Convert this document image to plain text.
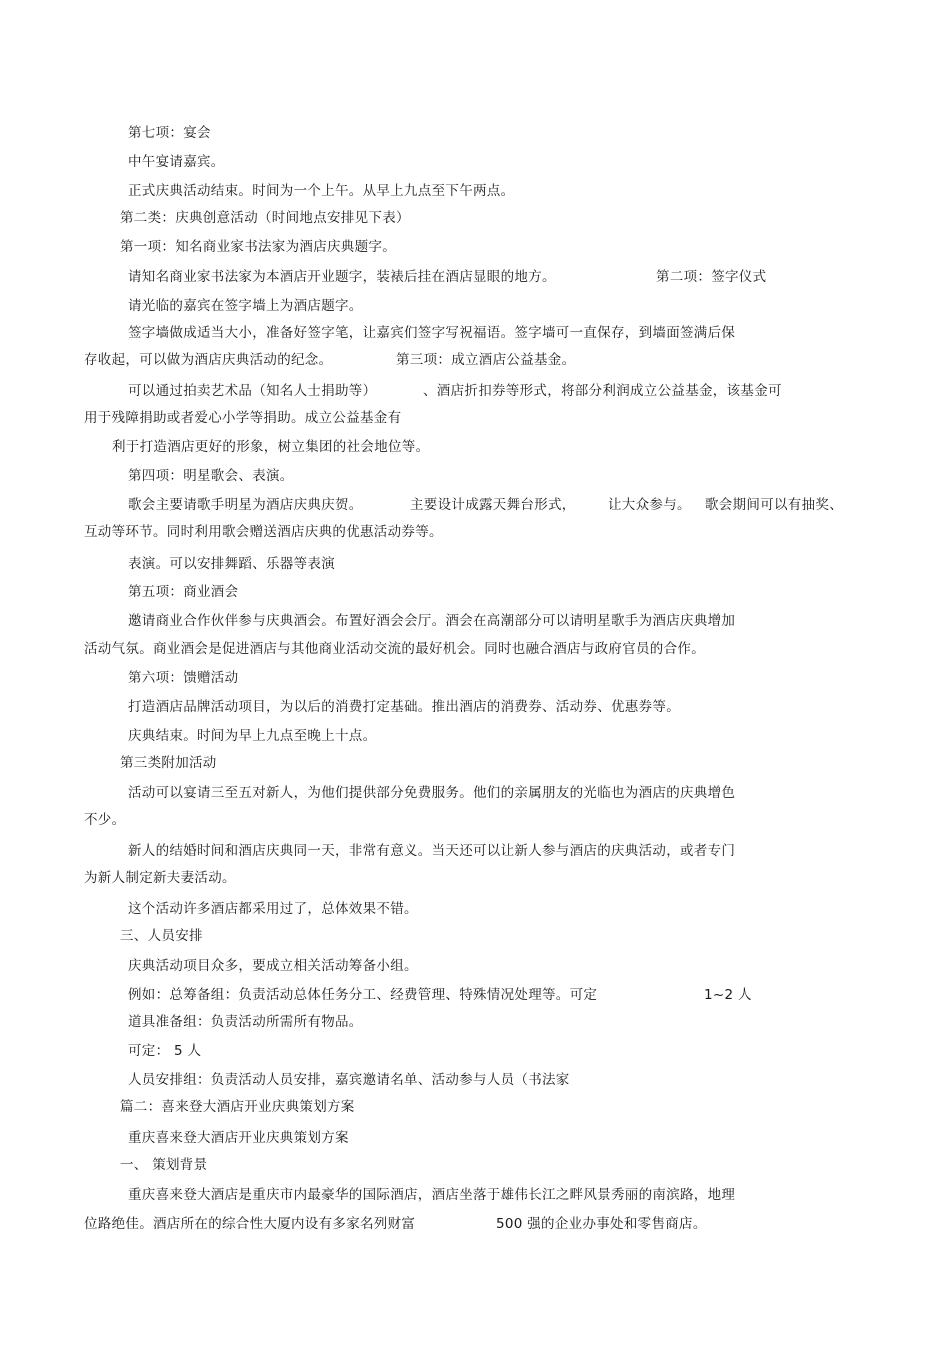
第七项：宴会
中午宴请嘉宾。
正式庆典活动结束。时间为一个上午。从早上九点至下午两点。
第二类：庆典创意活动（时间地点安排见下表）
第一项：知名商业家书法家为酒店庆典题字。
请知名商业家书法家为本酒店开业题字，装裱后挂在酒店显眼的地方。	第二项：签字仪式
请光临的嘉宾在签字墙上为酒店题字。
签字墙做成适当大小，准备好签字笔，让嘉宾们签字写祝福语。签字墙可一直保存，到墙面签满后保
存收起，可以做为酒店庆典活动的纪念。	第三项：成立酒店公益基金。
可以通过拍卖艺术品（知名人士捐助等）	、酒店折扣券等形式，将部分利润成立公益基金，该基金可
用于残障捐助或者爱心小学等捐助。成立公益基金有
利于打造酒店更好的形象，树立集团的社会地位等。
第四项：明星歌会、表演。
歌会主要请歌手明星为酒店庆典庆贺。	主要设计成露天舞台形式， 让大众参与。 歌会期间可以有抽奖、
互动等环节。同时利用歌会赠送酒店庆典的优惠活动券等。
表演。可以安排舞蹈、乐器等表演
第五项：商业酒会
邀请商业合作伙伴参与庆典酒会。布置好酒会会厅。酒会在高潮部分可以请明星歌手为酒店庆典增加
活动气氛。商业酒会是促进酒店与其他商业活动交流的最好机会。同时也融合酒店与政府官员的合作。
第六项：馈赠活动
打造酒店品牌活动项目，为以后的消费打定基础。推出酒店的消费券、活动券、优惠券等。
庆典结束。时间为早上九点至晚上十点。
第三类附加活动
活动可以宴请三至五对新人，为他们提供部分免费服务。他们的亲属朋友的光临也为酒店的庆典增色
不少。
新人的结婚时间和酒店庆典同一天，非常有意义。当天还可以让新人参与酒店的庆典活动，或者专门
为新人制定新夫妻活动。
这个活动许多酒店都采用过了，总体效果不错。
三、人员安排
庆典活动项目众多，要成立相关活动筹备小组。
例如：总筹备组：负责活动总体任务分工、经费管理、特殊情况处理等。可定	1~2 人
道具准备组：负责活动所需所有物品。
可定： 5 人
人员安排组：负责活动人员安排，嘉宾邀请名单、活动参与人员（书法家
篇二：喜来登大酒店开业庆典策划方案
重庆喜来登大酒店开业庆典策划方案
一、 策划背景
重庆喜来登大酒店是重庆市内最豪华的国际酒店，酒店坐落于雄伟长江之畔风景秀丽的南滨路，地理
位路绝佳。酒店所在的综合性大厦内设有多家名列财富	500 强的企业办事处和零售商店。
